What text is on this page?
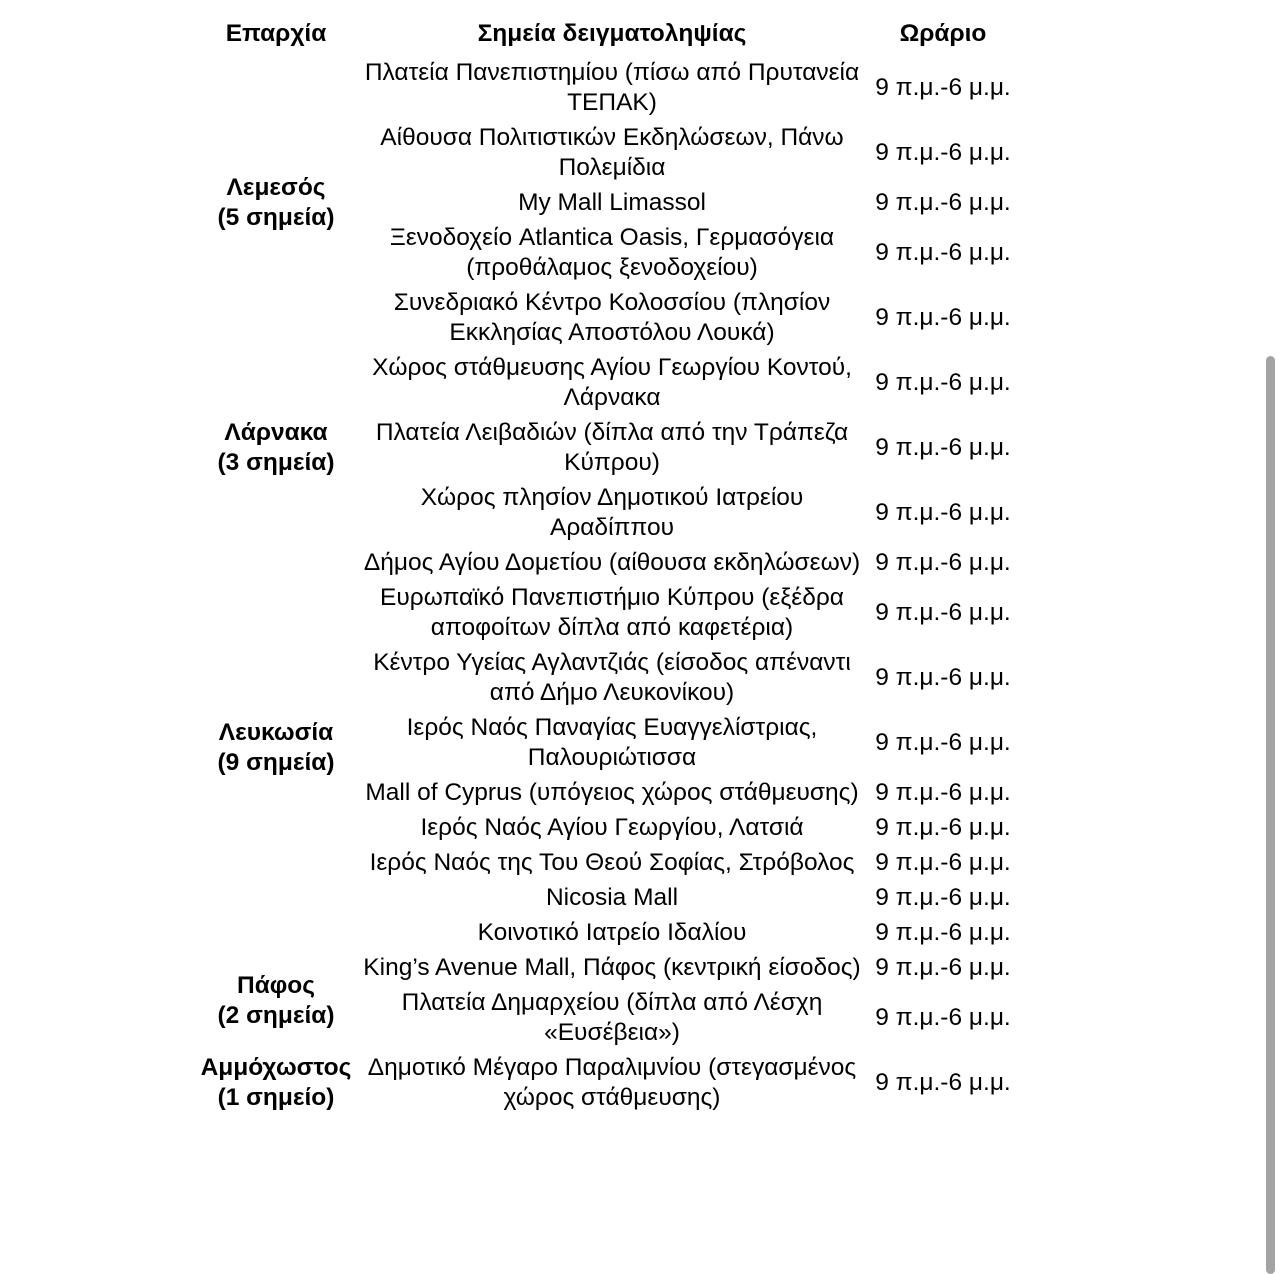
Επαρχία	Σημεία δειγματοληψίας	Ωράριο

Λεμεσός
(5 σημεία)	Πλατεία Πανεπιστημίου (πίσω από Πρυτανεία ΤΕΠΑΚ)	9 π.μ.-6 μ.μ.
	Αίθουσα Πολιτιστικών Εκδηλώσεων, Πάνω Πολεμίδια	9 π.μ.-6 μ.μ.
	My Mall Limassol	9 π.μ.-6 μ.μ.
	Ξενοδοχείο Atlantica Oasis, Γερμασόγεια (προθάλαμος ξενοδοχείου)	9 π.μ.-6 μ.μ.
	Συνεδριακό Κέντρο Κολοσσίου (πλησίον Εκκλησίας Αποστόλου Λουκά)	9 π.μ.-6 μ.μ.

Λάρνακα
(3 σημεία)	Χώρος στάθμευσης Αγίου Γεωργίου Κοντού, Λάρνακα	9 π.μ.-6 μ.μ.
	Πλατεία Λειβαδιών (δίπλα από την Τράπεζα Κύπρου)	9 π.μ.-6 μ.μ.
	Χώρος πλησίον Δημοτικού Ιατρείου Αραδίππου	9 π.μ.-6 μ.μ.

Λευκωσία
(9 σημεία)	Δήμος Αγίου Δομετίου (αίθουσα εκδηλώσεων)	9 π.μ.-6 μ.μ.
	Ευρωπαϊκό Πανεπιστήμιο Κύπρου (εξέδρα αποφοίτων δίπλα από καφετέρια)	9 π.μ.-6 μ.μ.
	Κέντρο Υγείας Αγλαντζιάς (είσοδος απέναντι από Δήμο Λευκονίκου)	9 π.μ.-6 μ.μ.
	Ιερός Ναός Παναγίας Ευαγγελίστριας, Παλουριώτισσα	9 π.μ.-6 μ.μ.
	Mall of Cyprus (υπόγειος χώρος στάθμευσης)	9 π.μ.-6 μ.μ.
	Ιερός Ναός Αγίου Γεωργίου, Λατσιά	9 π.μ.-6 μ.μ.
	Ιερός Ναός της Του Θεού Σοφίας, Στρόβολος	9 π.μ.-6 μ.μ.
	Nicosia Mall	9 π.μ.-6 μ.μ.
	Κοινοτικό Ιατρείο Ιδαλίου	9 π.μ.-6 μ.μ.

Πάφος
(2 σημεία)	King’s Avenue Mall, Πάφος (κεντρική είσοδος)	9 π.μ.-6 μ.μ.
	Πλατεία Δημαρχείου (δίπλα από Λέσχη «Ευσέβεια»)	9 π.μ.-6 μ.μ.

Αμμόχωστος
(1 σημείο)	Δημοτικό Μέγαρο Παραλιμνίου (στεγασμένος χώρος στάθμευσης)	9 π.μ.-6 μ.μ.
